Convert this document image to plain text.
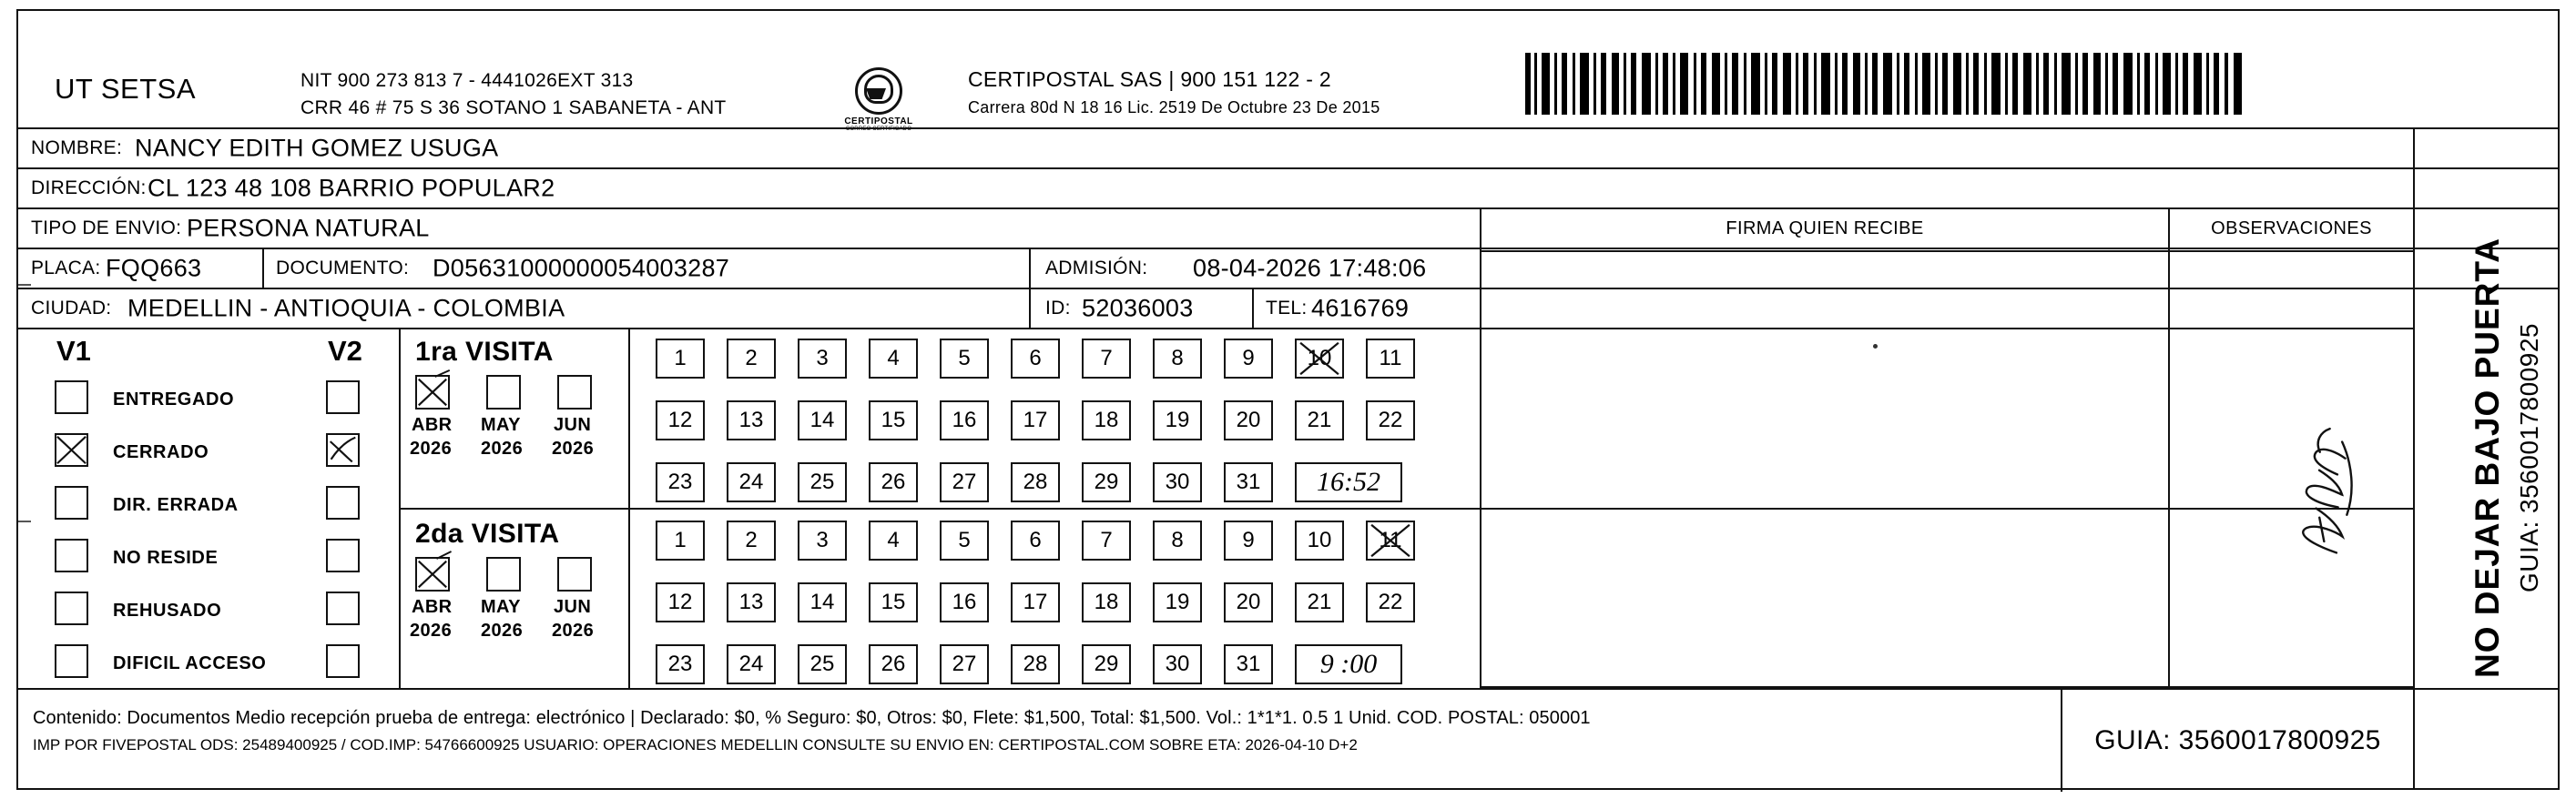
UT SETSA	NIT 900 273 813 7 - 4441026EXT 313
CRR 46 # 75 S 36 SOTANO 1 SABANETA - ANT
CERTIPOSTAL
CORREO CERTIFICADO
CERTIPOSTAL SAS | 900 151 122 - 2
Carrera 80d N 18 16 Lic. 2519 De Octubre 23 De 2015
NOMBRE: NANCY EDITH GOMEZ USUGA
DIRECCIÓN: CL 123 48 108 BARRIO POPULAR2
TIPO DE ENVIO: PERSONA NATURAL
PLACA: FQQ663	DOCUMENTO: D05631000000054003287	ADMISIÓN: 08-04-2026 17:48:06
CIUDAD: MEDELLIN - ANTIOQUIA - COLOMBIA	ID: 52036003	TEL: 4616769
FIRMA QUIEN RECIBE	OBSERVACIONES
NO DEJAR BAJO PUERTA GUIA: 3560017800925
V1	V2
ENTREGADO
CERRADO
DIR. ERRADA
NO RESIDE
REHUSADO
DIFICIL ACCESO
1ra VISITA
ABR MAY JUN
2026 2026 2026
1	2	3	4	5	6	7	8	9	10	11
12	13	14	15	16	17	18	19	20	21	22
23	24	25	26	27	28	29	30	31	16:52
2da VISITA
ABR MAY JUN
2026 2026 2026
1	2	3	4	5	6	7	8	9	10	11
12	13	14	15	16	17	18	19	20	21	22
23	24	25	26	27	28	29	30	31	9 :00
Contenido: Documentos Medio recepción prueba de entrega: electrónico | Declarado: $0, % Seguro: $0, Otros: $0, Flete: $1,500, Total: $1,500. Vol.: 1*1*1. 0.5 1 Unid. COD. POSTAL: 050001
IMP POR FIVEPOSTAL ODS: 25489400925 / COD.IMP: 54766600925 USUARIO: OPERACIONES MEDELLIN CONSULTE SU ENVIO EN: CERTIPOSTAL.COM SOBRE ETA: 2026-04-10 D+2	GUIA: 3560017800925
